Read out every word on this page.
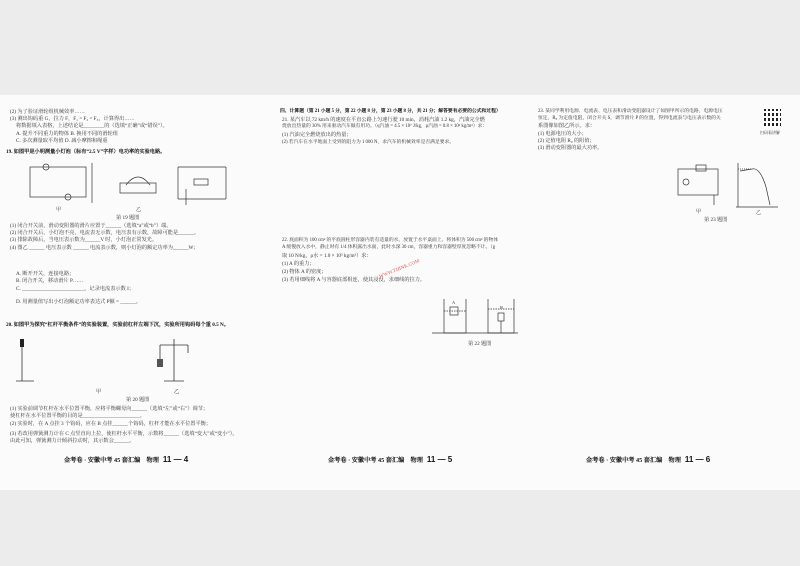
(2) 为了验证滑轮组机械效率……
(3) 测出钩码重 G，拉力 F，F₁ = F₂ = F₃，计算得出……
将数据填入表格，上述结论是________的（选填“正确”或“错误”）。
A. 提升不同重力的物体 B. 换用不同的滑轮组
C. 多次测量取平均值 D. 减小摩擦和绳重
19. 如图甲是小明测量小灯泡（标有“2.5 V”字样）电功率的实验电路。
甲	乙
第 19 题图
(1) 闭合开关前，滑动变阻器的滑片应置于______（选填“a”或“b”）端。
(2) 闭合开关后，小灯泡不亮，电流表无示数，电压表有示数，故障可能是______。
(3) 排除故障后，当电压表示数为______V 时，小灯泡正常发光。
(4) 图乙 ______ 电压表示数 ______ 电流表示数，则小灯泡的额定功率为______W；
A. 断开开关，连接电路；
B. 闭合开关，移动滑片 P……
C. ________________________，记录电流表示数 I；
D. 用测量值写出小灯泡额定功率表达式 P额 = ______。
20. 如图甲为探究“杠杆平衡条件”的实验装置，实验前杠杆左端下沉，实验所用钩码每个重 0.5 N。
甲	乙
第 20 题图
(1) 实验前调节杠杆在水平位置平衡，应将平衡螺母向______（选填“左”或“右”）调节；
使杠杆在水平位置平衡的目的是______________________。
(2) 实验时，在 A 点挂 3 个钩码，应在 B 点挂______个钩码，杠杆才能在水平位置平衡；
(3) 若改用弹簧测力计在 C 点竖直向上拉，使杠杆水平平衡，示数将______（选填“变大”或“变小”）。
由此可知，弹簧测力计倾斜拉动时，其示数会______。
金考卷 · 安徽中考 45 套汇编　物理 11 — 4
四、计算题（第 21 小题 5 分，第 22 小题 8 分，第 23 小题 8 分，共 21 分；解答要有必要的公式和过程）
21. 某汽车以 72 km/h 的速度在平直公路上匀速行驶 10 min，消耗汽油 1.2 kg，汽油完全燃
烧放出热量的 30% 用来驱动汽车做有用功。（q汽油 = 4.5 × 10⁷ J/kg，ρ汽油 = 0.8 × 10³ kg/m³）求：
(1) 汽油完全燃烧放出的热量；
(2) 若汽车在水平地面上受到的阻力为 1 000 N，求汽车的机械效率是否满足要求。
22. 底面积为 100 cm² 的平底圆柱形容器内装有适量的水，放置于水平桌面上。将体积为 500 cm³ 的物体
A 缓慢放入水中，静止时有 1/4 体积露出水面，此时水深 30 cm，容器重力和容器壁厚度忽略不计。（g
取 10 N/kg，ρ水 = 1.0 × 10³ kg/m³）求：
(1) A 的重力；
(2) 物体 A 的密度；
(3) 若用细线将 A 与容器底部相连，使其浸没，求细线的拉力。
WWW.THINK.COM
A
B
第 22 题图
金考卷 · 安徽中考 45 套汇编　物理 11 — 5
23. 某同学利用电源、电流表、电压表和滑动变阻器设计了如图甲所示的电路，电源电压
恒定，R₀ 为定值电阻，闭合开关 S，调节滑片 P 的位置，得到电流表与电压表示数的关
系图像如图乙所示。求：
(1) 电源电压的大小；
(2) 定值电阻 R₀ 的阻值；
(3) 滑动变阻器的最大功率。
扫码看讲解
甲	乙
第 23 题图
金考卷 · 安徽中考 45 套汇编　物理 11 — 6
